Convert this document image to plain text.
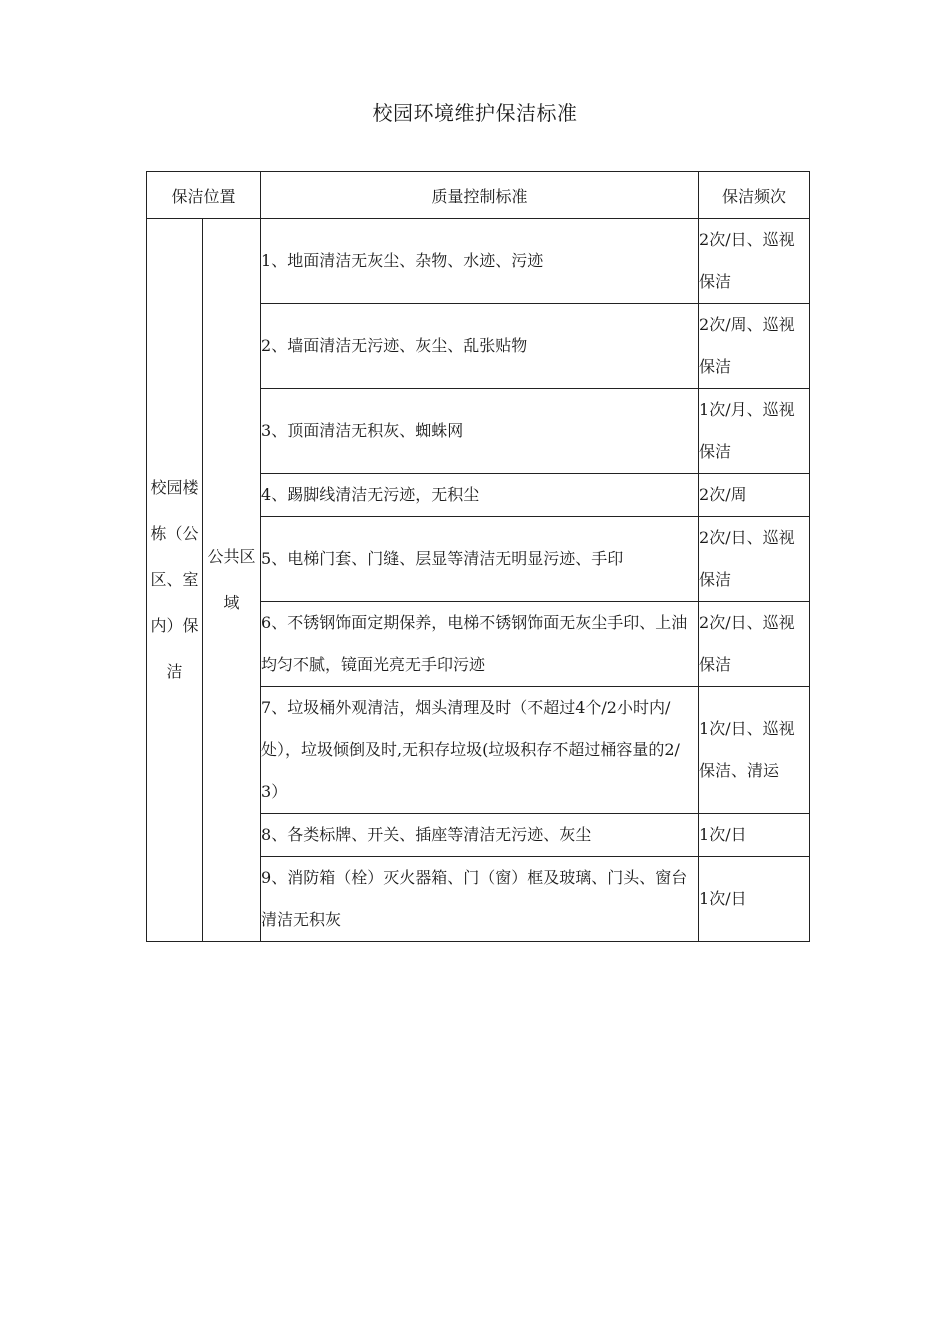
校园环境维护保洁标准
保洁位置		质量控制标准	保洁频次

校园楼栋（公区、室内）保洁	公共区域	1、地面清洁无灰尘、杂物、水迹、污迹	2次/日、巡视保洁
		2、墙面清洁无污迹、灰尘、乱张贴物	2次/周、巡视保洁
		3、顶面清洁无积灰、蜘蛛网	1次/月、巡视保洁
		4、踢脚线清洁无污迹，无积尘	2次/周
		5、电梯门套、门缝、层显等清洁无明显污迹、手印	2次/日、巡视保洁
		6、不锈钢饰面定期保养，电梯不锈钢饰面无灰尘手印、上油均匀不腻，镜面光亮无手印污迹	2次/日、巡视保洁
		7、垃圾桶外观清洁，烟头清理及时（不超过4个/2小时内/处），垃圾倾倒及时,无积存垃圾(垃圾积存不超过桶容量的2/3）	1次/日、巡视保洁、清运
		8、各类标牌、开关、插座等清洁无污迹、灰尘	1次/日
		9、消防箱（栓）灭火器箱、门（窗）框及玻璃、门头、窗台清洁无积灰	1次/日
